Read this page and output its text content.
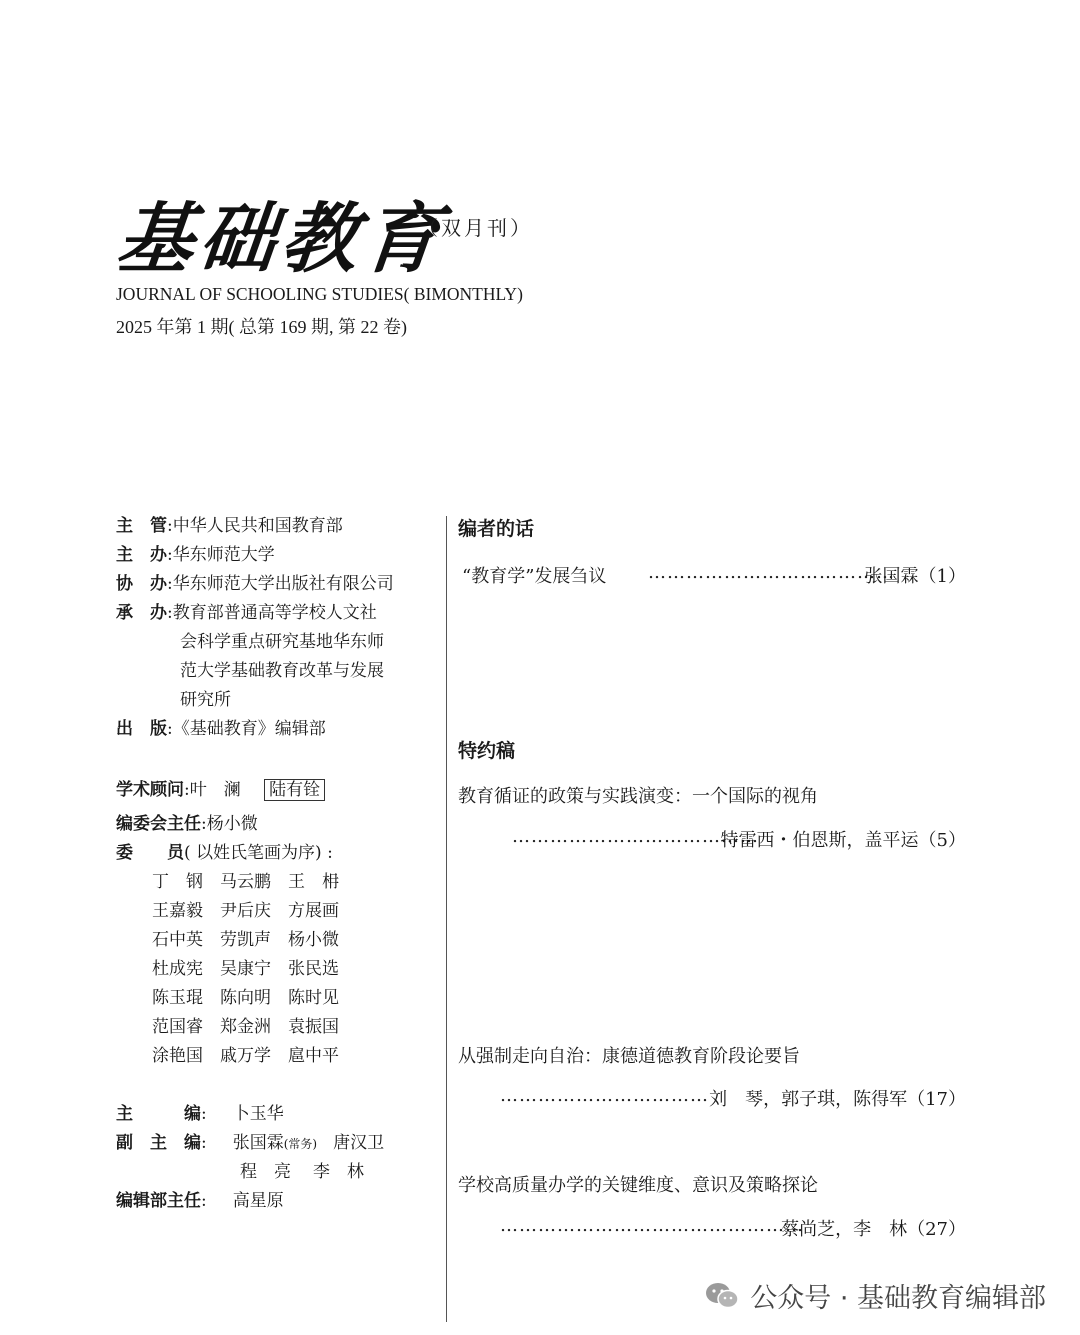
基础教育
（双月刊）
JOURNAL OF SCHOOLING STUDIES( BIMONTHLY)
2025 年第 1 期( 总第 169 期, 第 22 卷)
主　管:中华人民共和国教育部
主　办:华东师范大学
协　办:华东师范大学出版社有限公司
承　办:教育部普通高等学校人文社
会科学重点研究基地华东师
范大学基础教育改革与发展
研究所
出　版:《基础教育》编辑部
学术顾问:叶　澜 陆有铨
编委会主任:杨小微
委　　员( 以姓氏笔画为序) :
丁　钢　 马云鹏　 王　枏
王嘉毅　 尹后庆　 方展画
石中英　 劳凯声　 杨小微
杜成宪　 吴康宁　 张民选
陈玉琨　 陈向明　 陈时见
范国睿　 郑金洲　 袁振国
涂艳国　 戚万学　 扈中平
主　　　编: 卜玉华
副　主　编: 张国霖(常务) 唐汉卫
程　亮 李　林
编辑部主任: 高星原
编者的话
“教育学”发展刍议 …………………………………
张国霖（1）
特约稿
教育循证的政策与实践演变：一个国际的视角
…………………………………
特雷西・伯恩斯，盖平运（5）
从强制走向自治：康德道德教育阶段论要旨
…………………………… 刘　琴，郭子琪，陈得军（17）
学校高质量办学的关键维度、意识及策略探论
…………………………………………
蔡尚芝，李　林（27）
公众号 · 基础教育编辑部
